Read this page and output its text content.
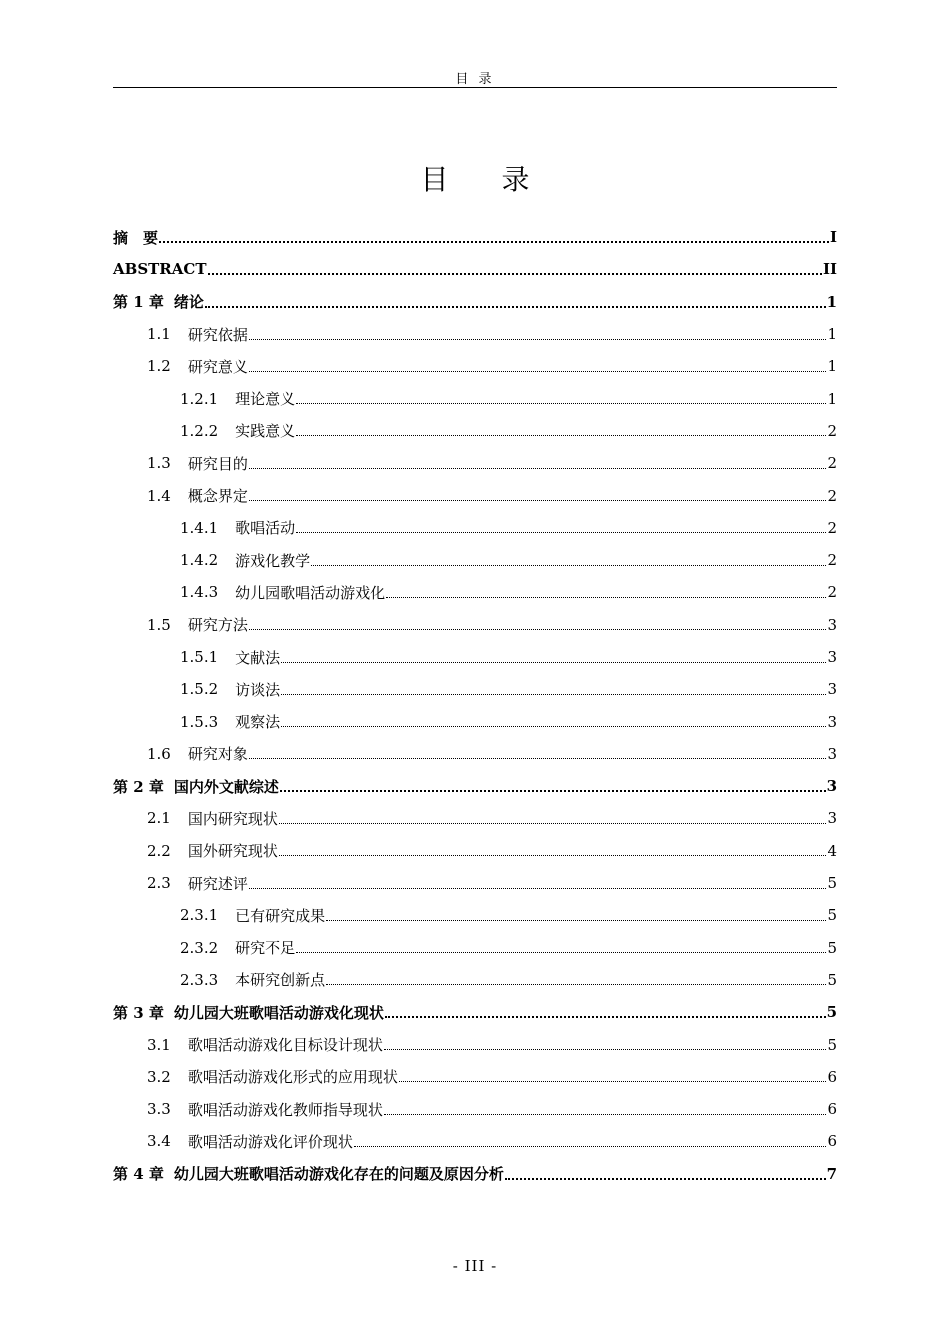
目 录
目 录
摘　要	I
ABSTRACT	II
第 1 章 绪论	1
1.1 研究依据	1
1.2 研究意义	1
1.2.1 理论意义	1
1.2.2 实践意义	2
1.3 研究目的	2
1.4 概念界定	2
1.4.1 歌唱活动	2
1.4.2 游戏化教学	2
1.4.3 幼儿园歌唱活动游戏化	2
1.5 研究方法	3
1.5.1 文献法	3
1.5.2 访谈法	3
1.5.3 观察法	3
1.6 研究对象	3
第 2 章 国内外文献综述	3
2.1 国内研究现状	3
2.2 国外研究现状	4
2.3 研究述评	5
2.3.1 已有研究成果	5
2.3.2 研究不足	5
2.3.3 本研究创新点	5
第 3 章 幼儿园大班歌唱活动游戏化现状	5
3.1 歌唱活动游戏化目标设计现状	5
3.2 歌唱活动游戏化形式的应用现状	6
3.3 歌唱活动游戏化教师指导现状	6
3.4 歌唱活动游戏化评价现状	6
第 4 章 幼儿园大班歌唱活动游戏化存在的问题及原因分析	7
- III -
